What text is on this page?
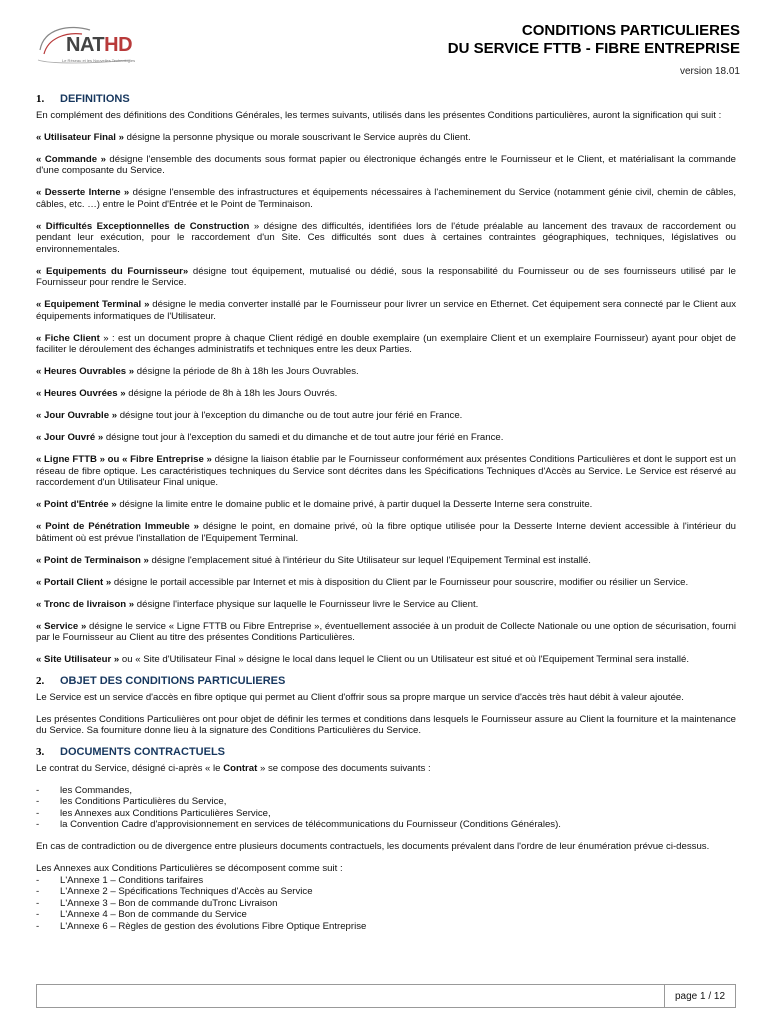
NATHD
Le Réseau et les Nouvelles Technologies
CONDITIONS PARTICULIERES
DU SERVICE FTTB - FIBRE ENTREPRISE
version 18.01
1.	DEFINITIONS

En complément des définitions des Conditions Générales, les termes suivants, utilisés dans les présentes Conditions particulières, auront la signification qui suit :

« Utilisateur Final » désigne la personne physique ou morale souscrivant le Service auprès du Client.

« Commande » désigne l'ensemble des documents sous format papier ou électronique échangés entre le Fournisseur et le Client, et matérialisant la commande d'une composante du Service.

« Desserte Interne » désigne l'ensemble des infrastructures et équipements nécessaires à l'acheminement du Service (notamment génie civil, chemin de câbles, câbles, etc. …) entre le Point d'Entrée et le Point de Terminaison.

« Difficultés Exceptionnelles de Construction » désigne des difficultés, identifiées lors de l'étude préalable au lancement des travaux de raccordement ou pendant leur exécution, pour le raccordement d'un Site. Ces difficultés sont dues à certaines contraintes géographiques, techniques, législatives ou environnementales.

« Equipements du Fournisseur» désigne tout équipement, mutualisé ou dédié, sous la responsabilité du Fournisseur ou de ses fournisseurs utilisé par le Fournisseur pour rendre le Service.

« Equipement Terminal » désigne le media converter installé par le Fournisseur pour livrer un service en Ethernet. Cet équipement sera connecté par le Client aux équipements informatiques de l'Utilisateur.

« Fiche Client » : est un document propre à chaque Client rédigé en double exemplaire (un exemplaire Client et un exemplaire Fournisseur) ayant pour objet de faciliter le déroulement des échanges administratifs et techniques entre les deux Parties.

« Heures Ouvrables » désigne la période de 8h à 18h les Jours Ouvrables.

« Heures Ouvrées » désigne la période de 8h à 18h les Jours Ouvrés.

« Jour Ouvrable » désigne tout jour à l'exception du dimanche ou de tout autre jour férié en France.

« Jour Ouvré » désigne tout jour à l'exception du samedi et du dimanche et de tout autre jour férié en France.

« Ligne FTTB » ou « Fibre Entreprise » désigne la liaison établie par le Fournisseur conformément aux présentes Conditions Particulières et dont le support est un réseau de fibre optique. Les caractéristiques techniques du Service sont décrites dans les Spécifications Techniques d'Accès au Service. Le Service est réservé au raccordement d'un Utilisateur Final unique.

« Point d'Entrée » désigne la limite entre le domaine public et le domaine privé, à partir duquel la Desserte Interne sera construite.

« Point de Pénétration Immeuble » désigne le point, en domaine privé, où la fibre optique utilisée pour la Desserte Interne devient accessible à l'intérieur du bâtiment où est prévue l'installation de l'Equipement Terminal.

« Point de Terminaison » désigne l'emplacement situé à l'intérieur du Site Utilisateur sur lequel l'Equipement Terminal est installé.

« Portail Client » désigne le portail accessible par Internet et mis à disposition du Client par le Fournisseur pour souscrire, modifier ou résilier un Service.

« Tronc de livraison » désigne l'interface physique sur laquelle le Fournisseur livre le Service au Client.

« Service » désigne le service « Ligne FTTB ou Fibre Entreprise », éventuellement associée à un produit de Collecte Nationale ou une option de sécurisation, fourni par le Fournisseur au Client au titre des présentes Conditions Particulières.

« Site Utilisateur » ou « Site d'Utilisateur Final » désigne le local dans lequel le Client ou un Utilisateur est situé et où l'Equipement Terminal sera installé.

2.	OBJET DES CONDITIONS PARTICULIERES

Le Service est un service d'accès en fibre optique qui permet au Client d'offrir sous sa propre marque un service d'accès très haut débit à valeur ajoutée.

Les présentes Conditions Particulières ont pour objet de définir les termes et conditions dans lesquels le Fournisseur assure au Client la fourniture et la maintenance du Service. Sa fourniture donne lieu à la signature des Conditions Particulières du Service.

3.	DOCUMENTS CONTRACTUELS

Le contrat du Service, désigné ci-après « le Contrat » se compose des documents suivants :

-	les Commandes,
-	les Conditions Particulières du Service,
-	les Annexes aux Conditions Particulières Service,
-	la Convention Cadre d'approvisionnement en services de télécommunications du Fournisseur (Conditions Générales).

En cas de contradiction ou de divergence entre plusieurs documents contractuels, les documents prévalent dans l'ordre de leur énumération prévue ci-dessus.

Les Annexes aux Conditions Particulières se décomposent comme suit :
-	L'Annexe 1 – Conditions tarifaires
-	L'Annexe 2 – Spécifications Techniques d'Accès au Service
-	L'Annexe 3 – Bon de commande duTronc Livraison
-	L'Annexe 4 – Bon de commande du Service
-	L'Annexe 6 – Règles de gestion des évolutions Fibre Optique Entreprise
page 1 / 12
